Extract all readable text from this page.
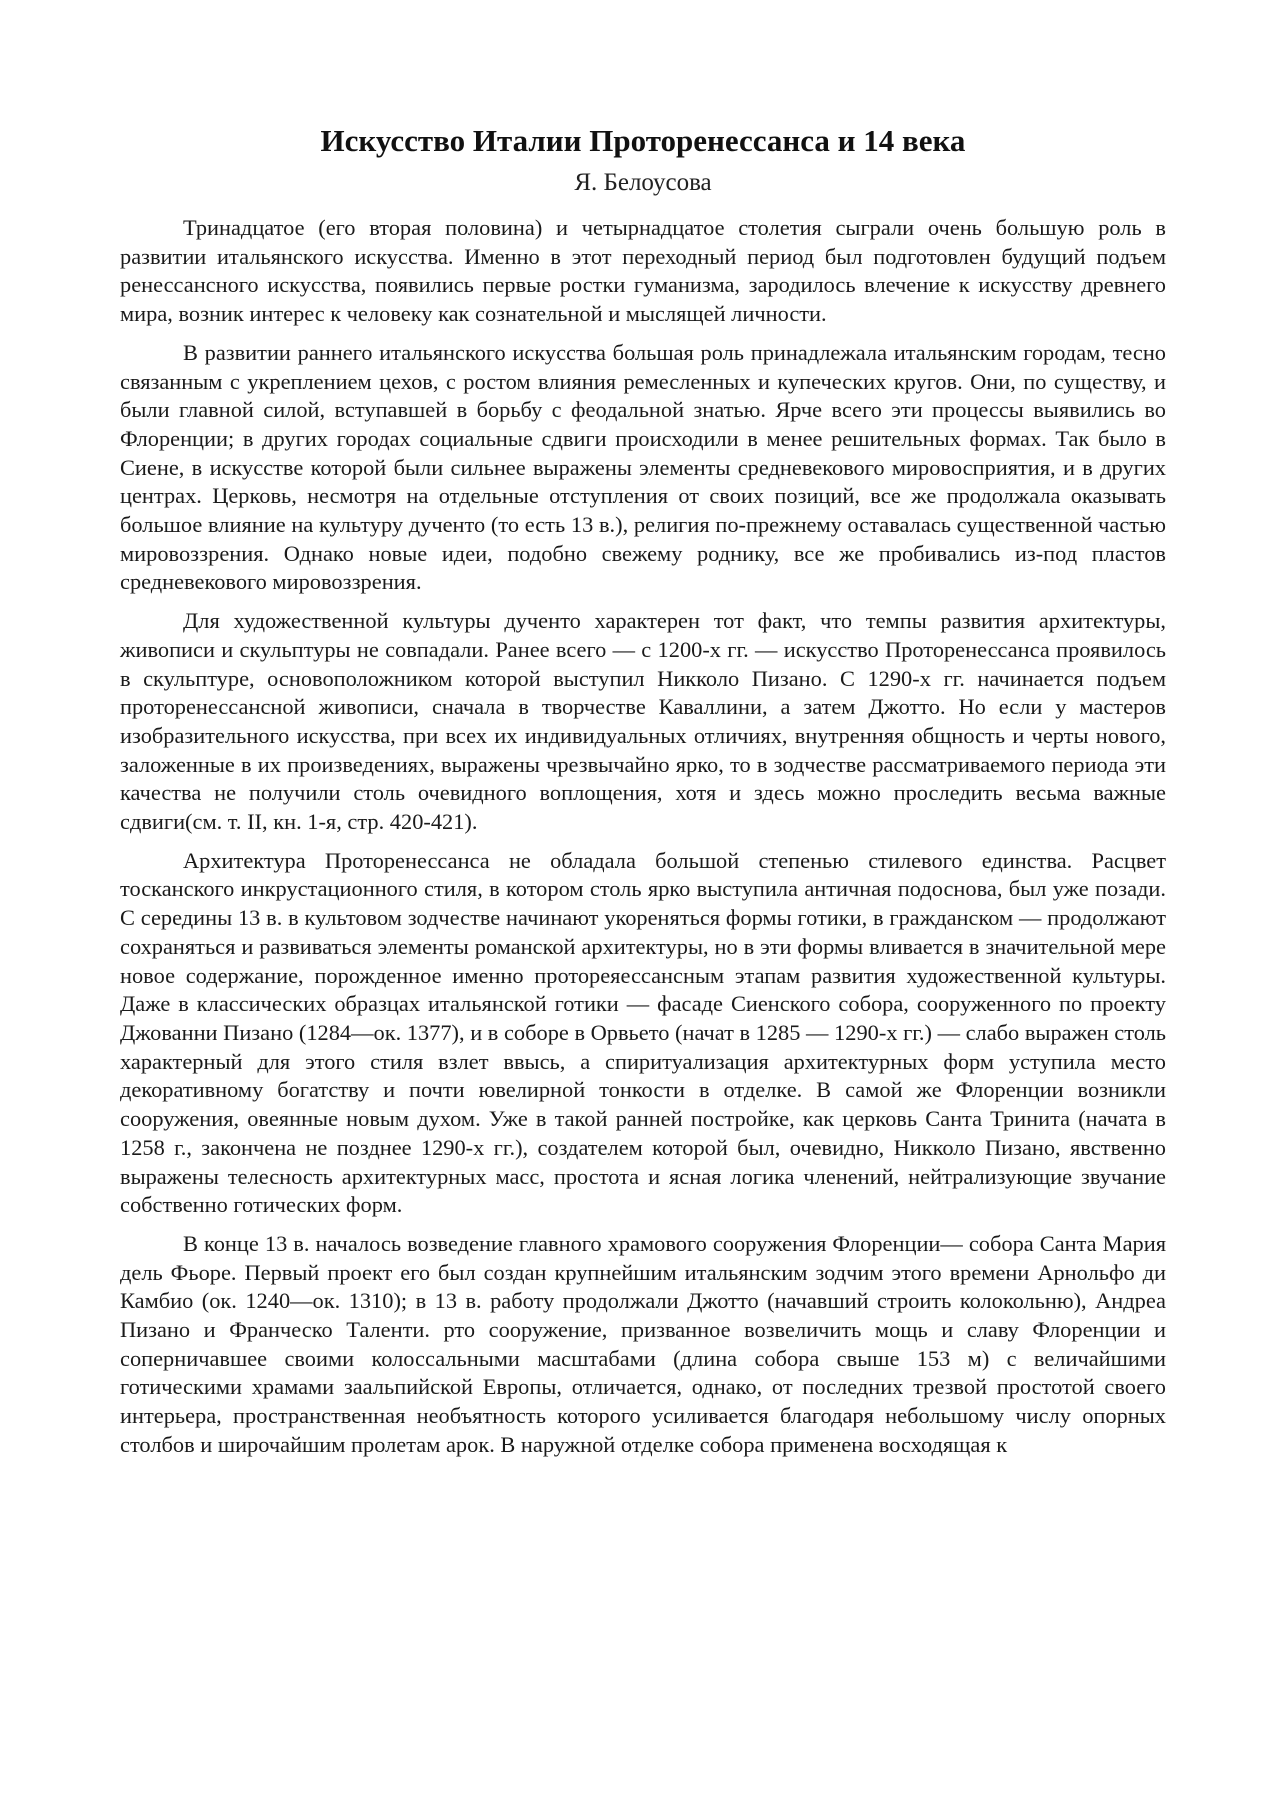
Искусство Италии Проторенессанса и 14 века
Я. Белоусова

Тринадцатое (его вторая половина) и четырнадцатое столетия сыграли очень большую роль в развитии итальянского искусства. Именно в этот переходный период был подготовлен будущий подъем ренессансного искусства, появились первые ростки гуманизма, зародилось влечение к искусству древнего мира, возник интерес к человеку как сознательной и мыслящей личности.

В развитии раннего итальянского искусства большая роль принадлежала итальянским городам, тесно связанным с укреплением цехов, с ростом влияния ремесленных и купеческих кругов. Они, по существу, и были главной силой, вступавшей в борьбу с феодальной знатью. Ярче всего эти процессы выявились во Флоренции; в других городах социальные сдвиги происходили в менее решительных формах. Так было в Сиене, в искусстве которой были сильнее выражены элементы средневекового мировосприятия, и в других центрах. Церковь, несмотря на отдельные отступления от своих позиций, все же продолжала оказывать большое влияние на культуру дученто (то есть 13 в.), религия по-прежнему оставалась существенной частью мировоззрения. Однако новые идеи, подобно свежему роднику, все же пробивались из-под пластов средневекового мировоззрения.

Для художественной культуры дученто характерен тот факт, что темпы развития архитектуры, живописи и скульптуры не совпадали. Ранее всего — с 1200-х гг. — искусство Проторенессанса проявилось в скульптуре, основоположником которой выступил Никколо Пизано. С 1290-х гг. начинается подъем проторенессансной живописи, сначала в творчестве Каваллини, а затем Джотто. Но если у мастеров изобразительного искусства, при всех их индивидуальных отличиях, внутренняя общность и черты нового, заложенные в их произведениях, выражены чрезвычайно ярко, то в зодчестве рассматриваемого периода эти качества не получили столь очевидного воплощения, хотя и здесь можно проследить весьма важные сдвиги(см. т. II, кн. 1-я, стр. 420-421).

Архитектура Проторенессанса не обладала большой степенью стилевого единства. Расцвет тосканского инкрустационного стиля, в котором столь ярко выступила античная подоснова, был уже позади. С середины 13 в. в культовом зодчестве начинают укореняться формы готики, в гражданском — продолжают сохраняться и развиваться элементы романской архитектуры, но в эти формы вливается в значительной мере новое содержание, порожденное именно протореяессансным этапам развития художественной культуры. Даже в классических образцах итальянской готики — фасаде Сиенского собора, сооруженного по проекту Джованни Пизано (1284—ок. 1377), и в соборе в Орвьето (начат в 1285 — 1290-х гг.) — слабо выражен столь характерный для этого стиля взлет ввысь, а спиритуализация архитектурных форм уступила место декоративному богатству и почти ювелирной тонкости в отделке. В самой же Флоренции возникли сооружения, овеянные новым духом. Уже в такой ранней постройке, как церковь Санта Тринита (начата в 1258 г., закончена не позднее 1290-х гг.), создателем которой был, очевидно, Никколо Пизано, явственно выражены телесность архитектурных масс, простота и ясная логика членений, нейтрализующие звучание собственно готических форм.

В конце 13 в. началось возведение главного храмового сооружения Флоренции— собора Санта Мария дель Фьоре. Первый проект его был создан крупнейшим итальянским зодчим этого времени Арнольфо ди Камбио (ок. 1240—ок. 1310); в 13 в. работу продолжали Джотто (начавший строить колокольню), Андреа Пизано и Франческо Таленти. рто сооружение, призванное возвеличить мощь и славу Флоренции и соперничавшее своими колоссальными масштабами (длина собора свыше 153 м) с величайшими готическими храмами заальпийской Европы, отличается, однако, от последних трезвой простотой своего интерьера, пространственная необъятность которого усиливается благодаря небольшому числу опорных столбов и широчайшим пролетам арок. В наружной отделке собора применена восходящая к
